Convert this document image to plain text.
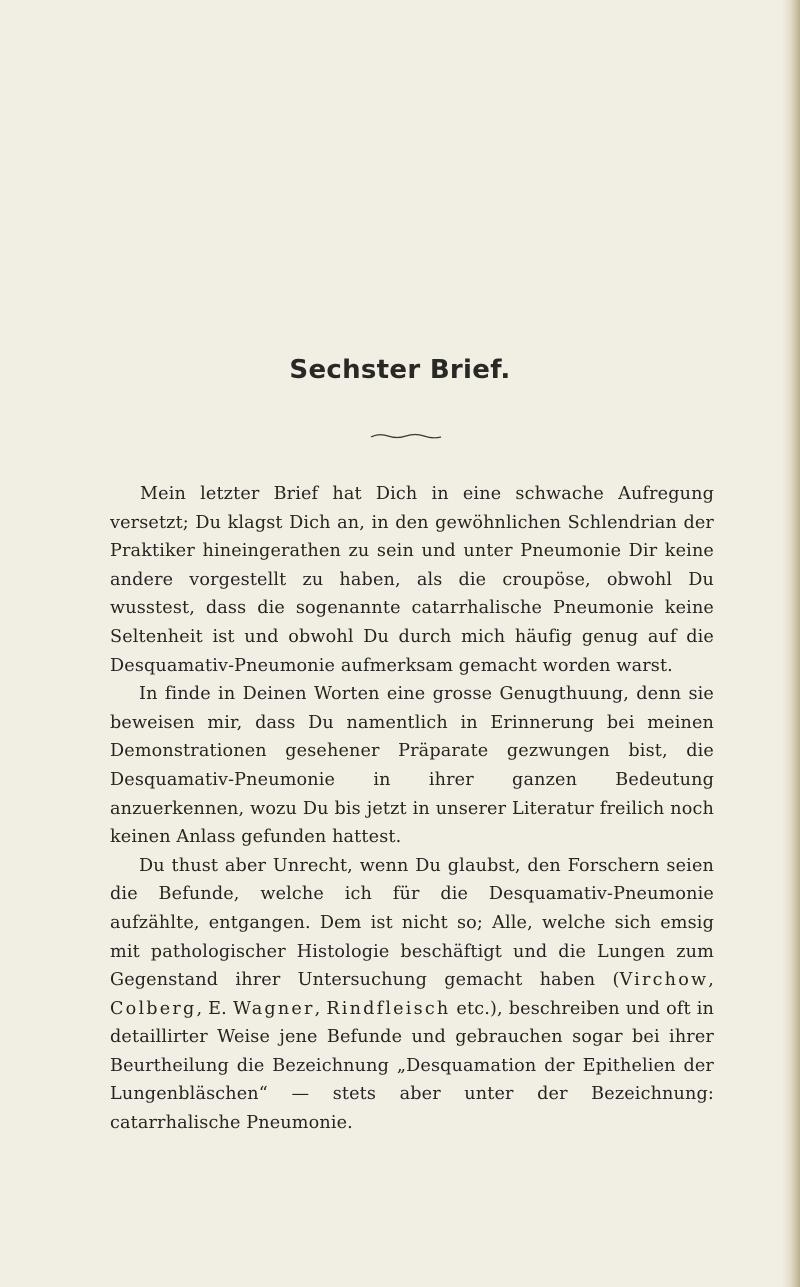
Sechster Brief.

Mein letzter Brief hat Dich in eine schwache Aufregung versetzt; Du klagst Dich an, in den gewöhnlichen Schlendrian der Praktiker hineingerathen zu sein und unter Pneumonie Dir keine andere vorgestellt zu haben, als die croupöse, obwohl Du wusstest, dass die sogenannte catarrhalische Pneumonie keine Seltenheit ist und obwohl Du durch mich häufig genug auf die Desquamativ-Pneumonie aufmerksam gemacht worden warst.

In finde in Deinen Worten eine grosse Genugthuung, denn sie beweisen mir, dass Du namentlich in Erinnerung bei meinen Demonstrationen gesehener Präparate gezwungen bist, die Desquamativ-Pneumonie in ihrer ganzen Bedeutung anzuerkennen, wozu Du bis jetzt in unserer Literatur freilich noch keinen Anlass gefunden hattest.

Du thust aber Unrecht, wenn Du glaubst, den Forschern seien die Befunde, welche ich für die Desquamativ-Pneumonie aufzählte, entgangen. Dem ist nicht so; Alle, welche sich emsig mit pathologischer Histologie beschäftigt und die Lungen zum Gegenstand ihrer Untersuchung gemacht haben (Virchow, Colberg, E. Wagner, Rindfleisch etc.), beschreiben und oft in detaillirter Weise jene Befunde und gebrauchen sogar bei ihrer Beurtheilung die Bezeichnung „Desquamation der Epithelien der Lungenbläschen“ — stets aber unter der Bezeichnung: catarrhalische Pneumonie.
